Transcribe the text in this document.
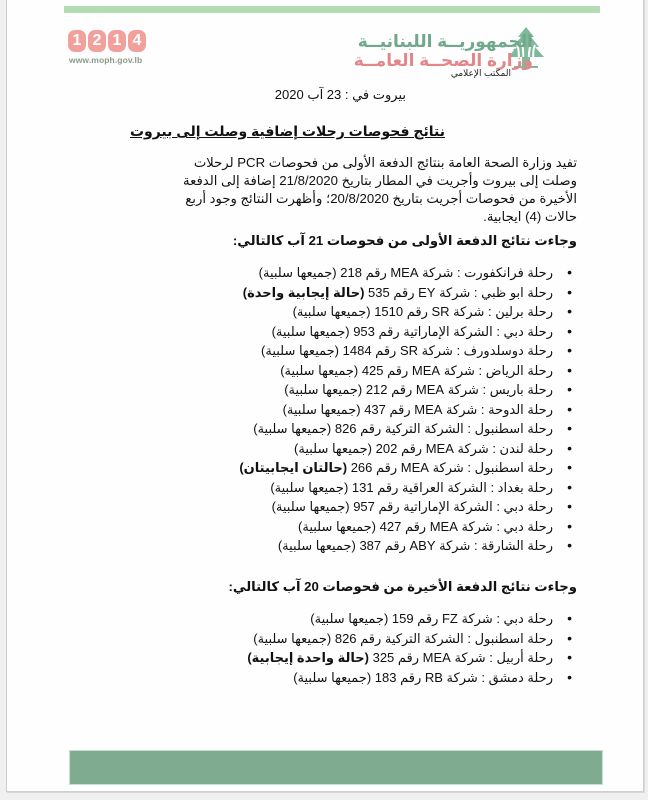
1 2 1 4
www.moph.gov.lb
الجمهوريــة اللبنانيــة
وزارة الصحــة العامــة
المكتب الإعلامي
بيروت في : 23 آب 2020
نتائج فحوصات رحلات إضافية وصلت إلى بيروت
تفيد وزارة الصحة العامة بنتائج الدفعة الأولى من فحوصات PCR لرحلات وصلت إلى بيروت وأجريت في المطار بتاريخ 21/8/2020 إضافة إلى الدفعة الأخيرة من فحوصات أجريت بتاريخ 20/8/2020؛ وأظهرت النتائج وجود أربع حالات (4) ايجابية.
وجاءت نتائج الدفعة الأولى من فحوصات 21 آب كالتالي:
• رحلة فرانكفورت : شركة MEA رقم 218 (جميعها سلبية)
• رحلة ابو ظبي : شركة EY رقم 535 (حالة إيجابية واحدة)
• رحلة برلين : شركة SR رقم 1510 (جميعها سلبية)
• رحلة دبي : الشركة الإماراتية رقم 953 (جميعها سلبية)
• رحلة دوسلدورف : شركة SR رقم 1484 (جميعها سلبية)
• رحلة الرياض : شركة MEA رقم 425 (جميعها سلبية)
• رحلة باريس : شركة MEA رقم 212 (جميعها سلبية)
• رحلة الدوحة : شركة MEA رقم 437 (جميعها سلبية)
• رحلة اسطنبول : الشركة التركية رقم 826 (جميعها سلبية)
• رحلة لندن : شركة MEA رقم 202 (جميعها سلبية)
• رحلة اسطنبول : شركة MEA رقم 266 (حالتان ايجابيتان)
• رحلة بغداد : الشركة العراقية رقم 131 (جميعها سلبية)
• رحلة دبي : الشركة الإماراتية رقم 957 (جميعها سلبية)
• رحلة دبي : شركة MEA رقم 427 (جميعها سلبية)
• رحلة الشارقة : شركة ABY رقم 387 (جميعها سلبية)
وجاءت نتائج الدفعة الأخيرة من فحوصات 20 آب كالتالي:
• رحلة دبي : شركة FZ رقم 159 (جميعها سلبية)
• رحلة اسطنبول : الشركة التركية رقم 826 (جميعها سلبية)
• رحلة أربيل : شركة MEA رقم 325 (حالة واحدة إيجابية)
• رحلة دمشق : شركة RB رقم 183 (جميعها سلبية)
